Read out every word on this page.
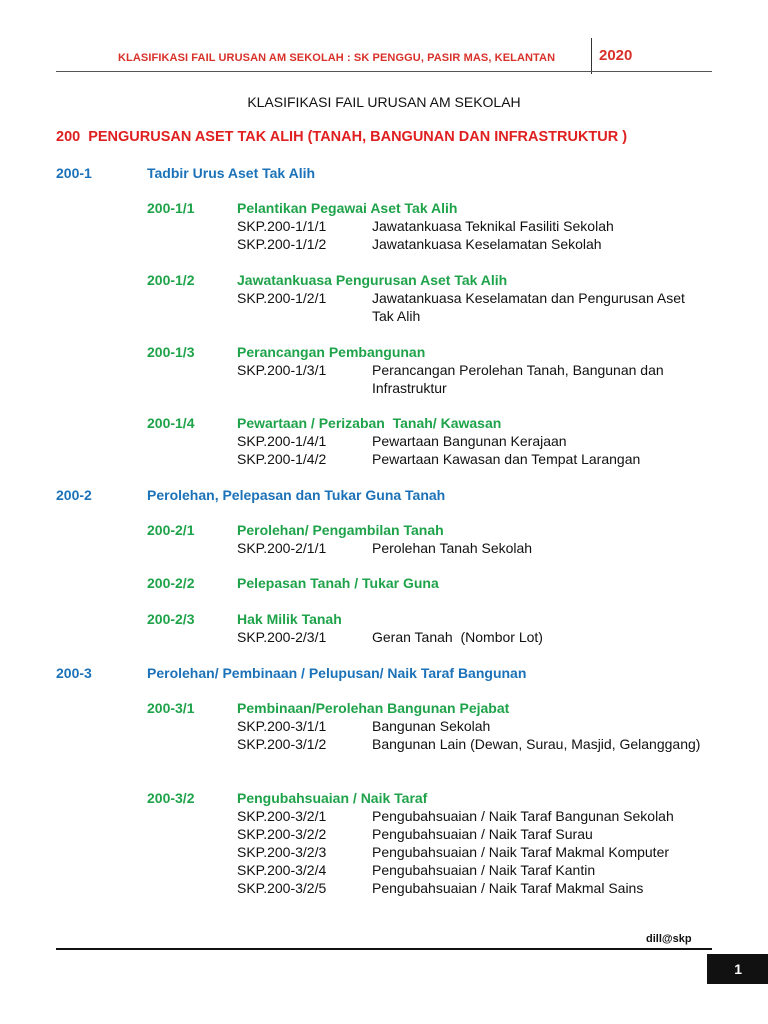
KLASIFIKASI FAIL URUSAN AM SEKOLAH : SK PENGGU, PASIR MAS, KELANTAN	2020
KLASIFIKASI FAIL URUSAN AM SEKOLAH
200 PENGURUSAN ASET TAK ALIH (TANAH, BANGUNAN DAN INFRASTRUKTUR )
200-1	Tadbir Urus Aset Tak Alih
200-1/1	Pelantikan Pegawai Aset Tak Alih
SKP.200-1/1/1	Jawatankuasa Teknikal Fasiliti Sekolah
SKP.200-1/1/2	Jawatankuasa Keselamatan Sekolah
200-1/2	Jawatankuasa Pengurusan Aset Tak Alih
SKP.200-1/2/1	Jawatankuasa Keselamatan dan Pengurusan Aset Tak Alih
200-1/3	Perancangan Pembangunan
SKP.200-1/3/1	Perancangan Perolehan Tanah, Bangunan dan Infrastruktur
200-1/4	Pewartaan / Perizaban  Tanah/ Kawasan
SKP.200-1/4/1	Pewartaan Bangunan Kerajaan
SKP.200-1/4/2	Pewartaan Kawasan dan Tempat Larangan
200-2	Perolehan, Pelepasan dan Tukar Guna Tanah
200-2/1	Perolehan/ Pengambilan Tanah
SKP.200-2/1/1	Perolehan Tanah Sekolah
200-2/2	Pelepasan Tanah / Tukar Guna
200-2/3	Hak Milik Tanah
SKP.200-2/3/1	Geran Tanah  (Nombor Lot)
200-3	Perolehan/ Pembinaan / Pelupusan/ Naik Taraf Bangunan
200-3/1	Pembinaan/Perolehan Bangunan Pejabat
SKP.200-3/1/1	Bangunan Sekolah
SKP.200-3/1/2	Bangunan Lain (Dewan, Surau, Masjid, Gelanggang)
200-3/2	Pengubahsuaian / Naik Taraf
SKP.200-3/2/1	Pengubahsuaian / Naik Taraf Bangunan Sekolah
SKP.200-3/2/2	Pengubahsuaian / Naik Taraf Surau
SKP.200-3/2/3	Pengubahsuaian / Naik Taraf Makmal Komputer
SKP.200-3/2/4	Pengubahsuaian / Naik Taraf Kantin
SKP.200-3/2/5	Pengubahsuaian / Naik Taraf Makmal Sains
dill@skp
1
